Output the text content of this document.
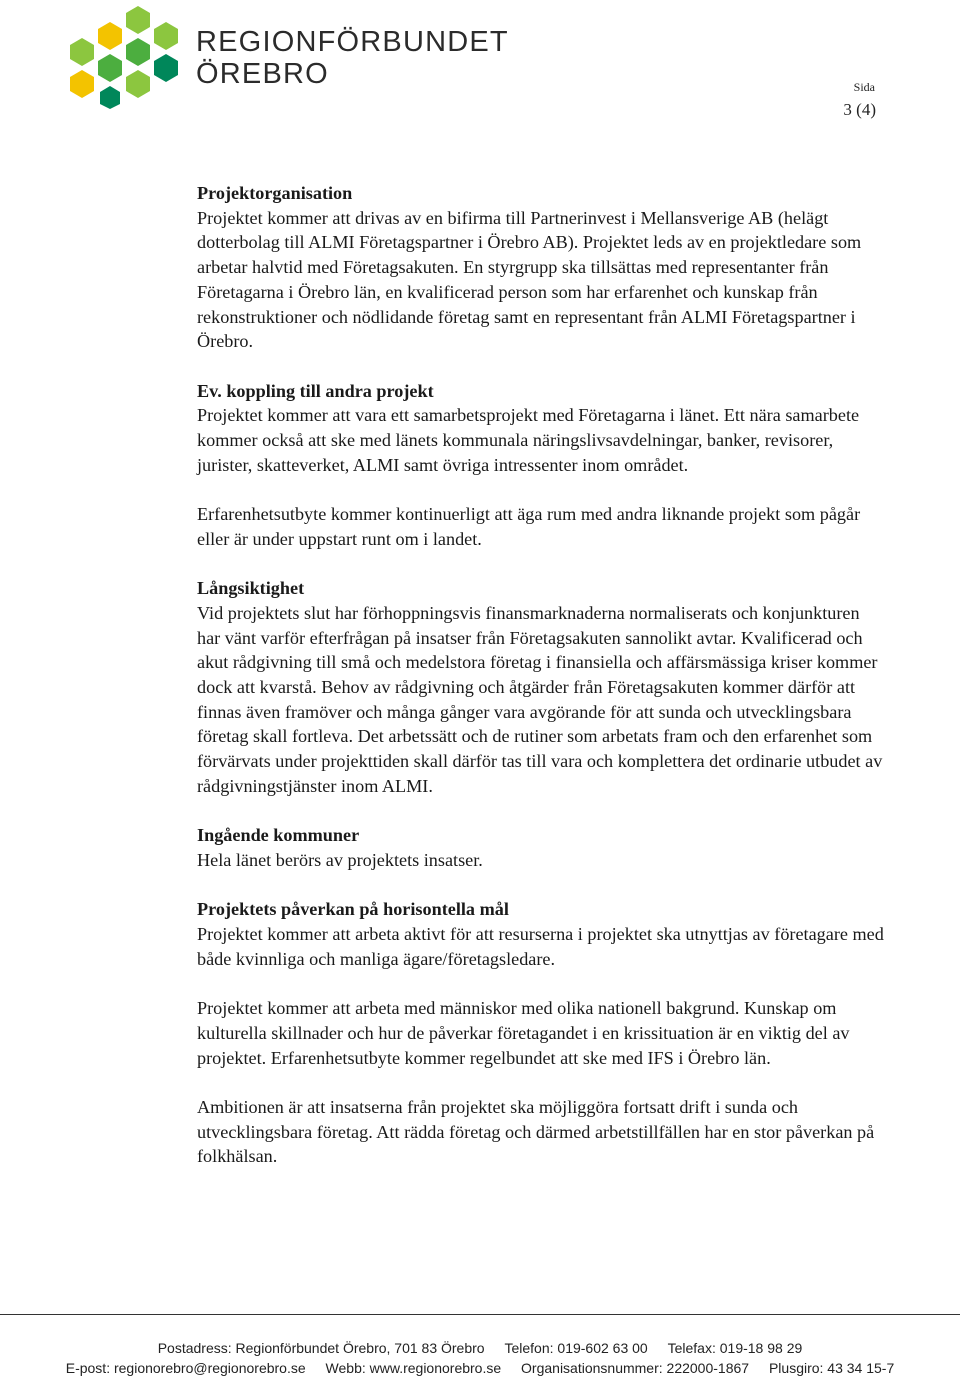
REGIONFÖRBUNDET
ÖREBRO	Sida
3 (4)
Projektorganisation

Projektet kommer att drivas av en bifirma till Partnerinvest i Mellansverige AB (helägt dotterbolag till ALMI Företagspartner i Örebro AB). Projektet leds av en projektledare som arbetar halvtid med Företagsakuten. En styrgrupp ska tillsättas med representanter från Företagarna i Örebro län, en kvalificerad person som har erfarenhet och kunskap från rekonstruktioner och nödlidande företag samt en representant från ALMI Företagspartner i Örebro.

Ev. koppling till andra projekt

Projektet kommer att vara ett samarbetsprojekt med Företagarna i länet. Ett nära samarbete kommer också att ske med länets kommunala näringslivsavdelningar, banker, revisorer, jurister, skatteverket, ALMI samt övriga intressenter inom området.

Erfarenhetsutbyte kommer kontinuerligt att äga rum med andra liknande projekt som pågår eller är under uppstart runt om i landet.

Långsiktighet

Vid projektets slut har förhoppningsvis finansmarknaderna normaliserats och konjunkturen har vänt varför efterfrågan på insatser från Företagsakuten sannolikt avtar. Kvalificerad och akut rådgivning till små och medelstora företag i finansiella och affärsmässiga kriser kommer dock att kvarstå. Behov av rådgivning och åtgärder från Företagsakuten kommer därför att finnas även framöver och många gånger vara avgörande för att sunda och utvecklingsbara företag skall fortleva. Det arbetssätt och de rutiner som arbetats fram och den erfarenhet som förvärvats under projekttiden skall därför tas till vara och komplettera det ordinarie utbudet av rådgivningstjänster inom ALMI.

Ingående kommuner

Hela länet berörs av projektets insatser.

Projektets påverkan på horisontella mål

Projektet kommer att arbeta aktivt för att resurserna i projektet ska utnyttjas av företagare med både kvinnliga och manliga ägare/företagsledare.

Projektet kommer att arbeta med människor med olika nationell bakgrund. Kunskap om kulturella skillnader och hur de påverkar företagandet i en krissituation är en viktig del av projektet. Erfarenhetsutbyte kommer regelbundet att ske med IFS i Örebro län.

Ambitionen är att insatserna från projektet ska möjliggöra fortsatt drift i sunda och utvecklingsbara företag. Att rädda företag och därmed arbetstillfällen har en stor påverkan på folkhälsan.

Postadress: Regionförbundet Örebro, 701 83 Örebro Telefon: 019-602 63 00 Telefax: 019-18 98 29
E-post: regionorebro@regionorebro.se Webb: www.regionorebro.se Organisationsnummer: 222000-1867 Plusgiro: 43 34 15-7
